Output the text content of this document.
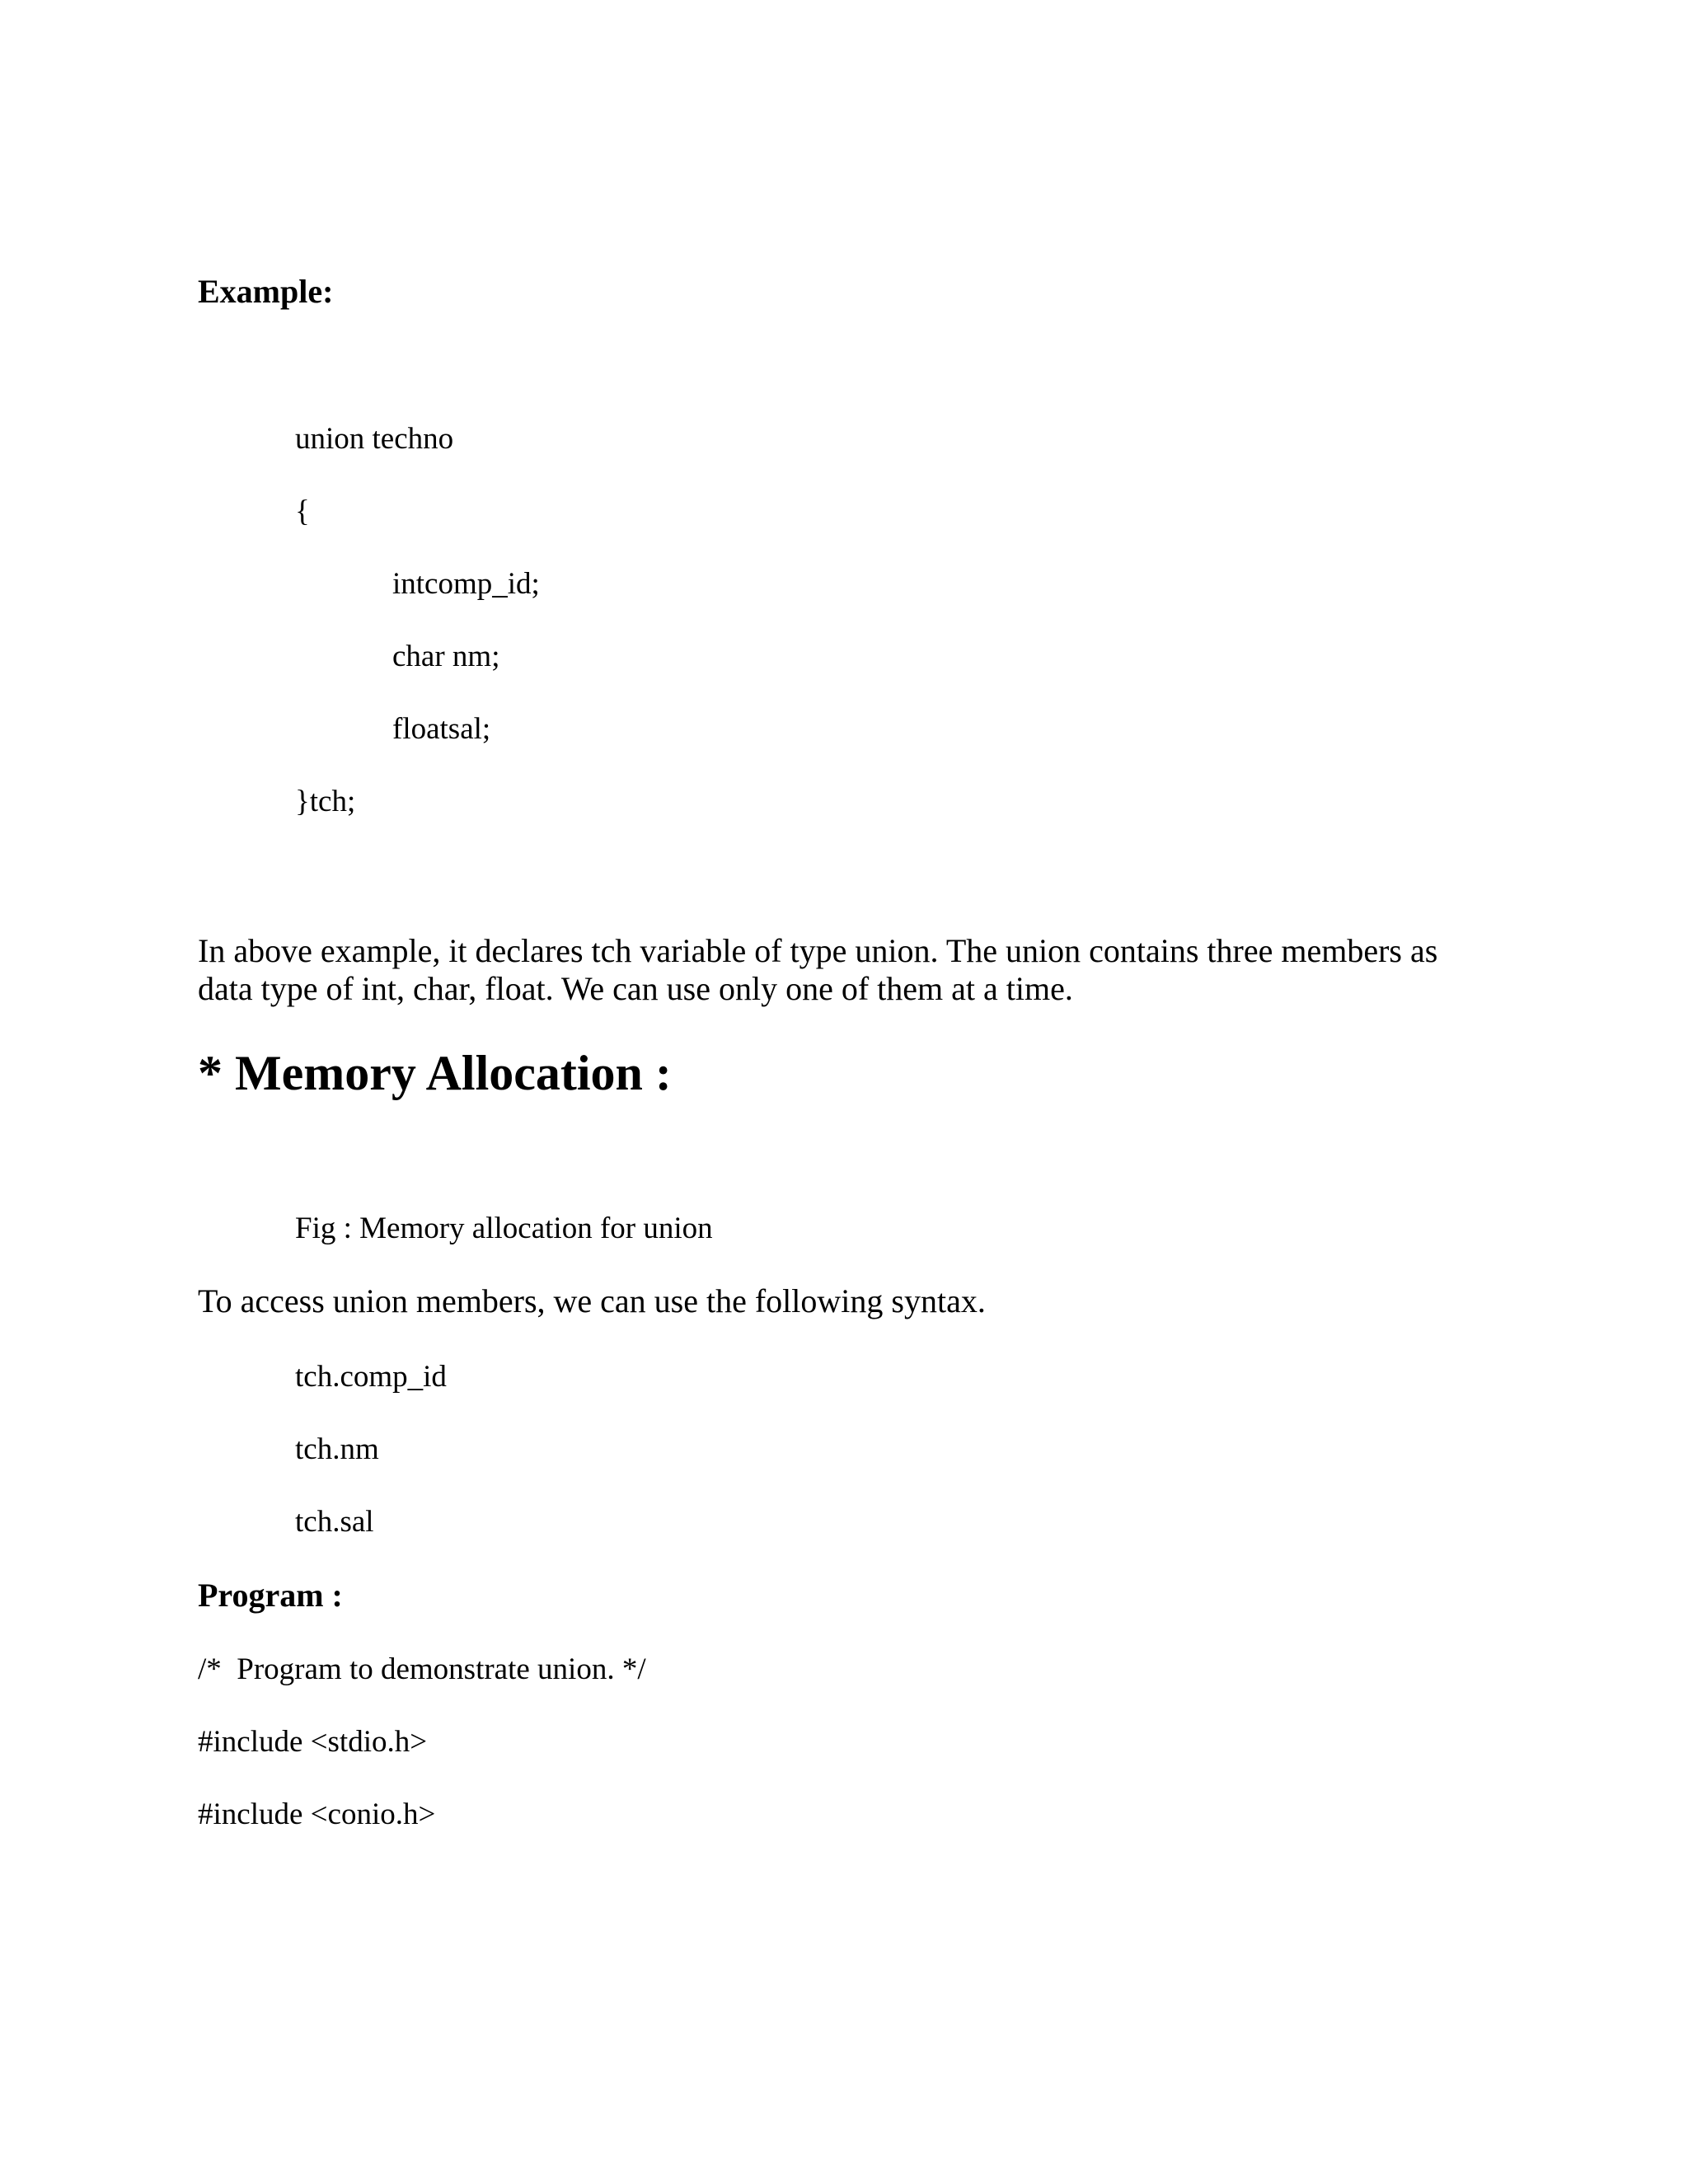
Example:
union techno
{
intcomp_id;
char nm;
floatsal;
}tch;
In above example, it declares tch variable of type union. The union contains three members as
data type of int, char, float. We can use only one of them at a time.
* Memory Allocation :
Fig : Memory allocation for union
To access union members, we can use the following syntax.
tch.comp_id
tch.nm
tch.sal
Program :
/*  Program to demonstrate union. */
#include <stdio.h>
#include <conio.h>
